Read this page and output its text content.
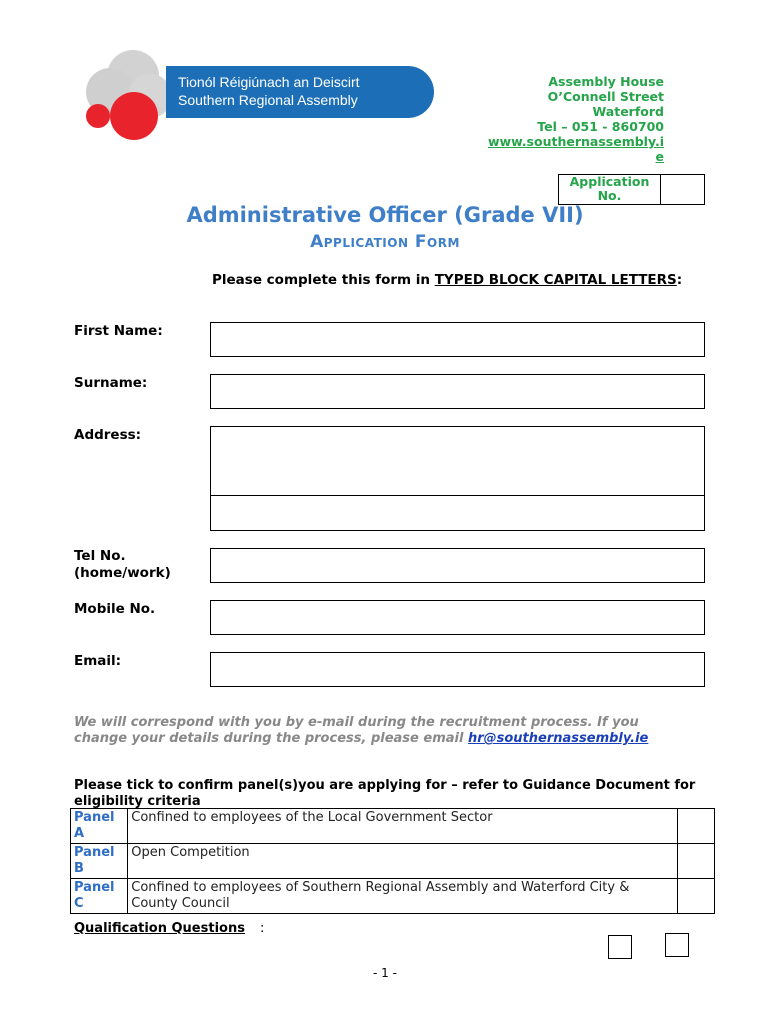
Tionól Réigiúnach an Deiscirt
Southern Regional Assembly
Assembly House
O’Connell Street
Waterford
Tel – 051 - 860700
www.southernassembly.i
e
Application
No.
Administrative Officer (Grade VII)
Application Form
Please complete this form in TYPED BLOCK CAPITAL LETTERS:
First Name:
Surname:
Address:
Tel No.
(home/work)
Mobile No.
Email:
We will correspond with you by e-mail during the recruitment process. If you change your details during the process, please email hr@southernassembly.ie
Please tick to confirm panel(s)you are applying for – refer to Guidance Document for eligibility criteria
Panel A	Confined to employees of the Local Government Sector	
Panel B	Open Competition	
Panel C	Confined to employees of Southern Regional Assembly and Waterford City & County Council	
Qualification Questions :
- 1 -
